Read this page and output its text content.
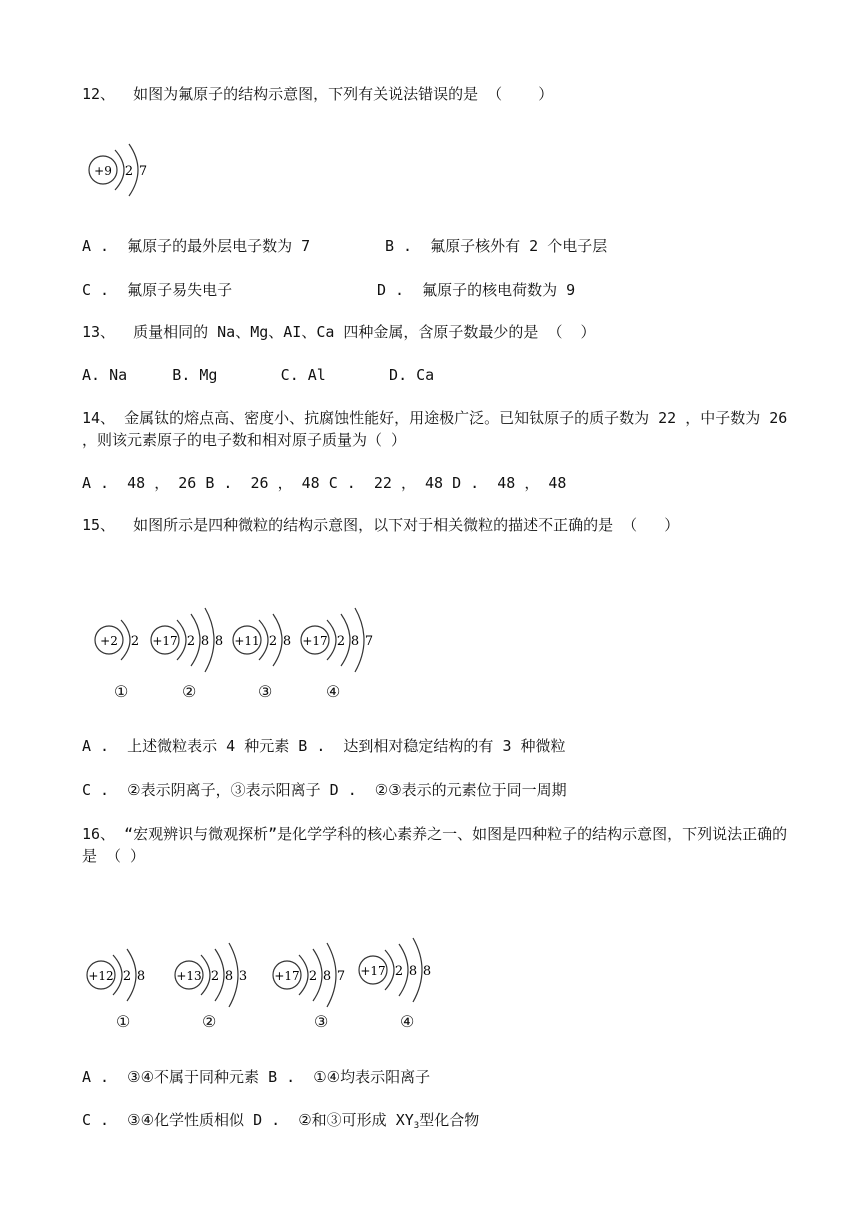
12、  如图为氟原子的结构示意图，下列有关说法错误的是 （    ）
+9 2 7
A .  氟原子的最外层电子数为 7	B .  氟原子核外有 2 个电子层
C .  氟原子易失电子	D .  氟原子的核电荷数为 9
13、  质量相同的 Na、Mg、AI、Ca 四种金属，含原子数最少的是 （  ）
A. Na     B. Mg       C. Al       D. Ca
14、 金属钛的熔点高、密度小、抗腐蚀性能好，用途极广泛。已知钛原子的质子数为 22 ，中子数为 26 ，则该元素原子的电子数和相对原子质量为（ ）
A .  48 ， 26 B .  26 ， 48 C .  22 ， 48 D .  48 ， 48
15、  如图所示是四种微粒的结构示意图，以下对于相关微粒的描述不正确的是 （   ）
+2 2 +17 2 8 8 +11 2 8 +17 2 8 7
①	②	③	④
A .  上述微粒表示 4 种元素 B .  达到相对稳定结构的有 3 种微粒
C .  ②表示阴离子，③表示阳离子 D .  ②③表示的元素位于同一周期
16、 “宏观辨识与微观探析”是化学学科的核心素养之一、如图是四种粒子的结构示意图，下列说法正确的是 （ ）
+12 2 8	+13 2 8 3 +17 2 8 7 +17 2 8 8
①	②	③	④
A .  ③④不属于同种元素 B .  ①④均表示阳离子
C .  ③④化学性质相似 D .  ②和③可形成 $XY_3$型化合物
